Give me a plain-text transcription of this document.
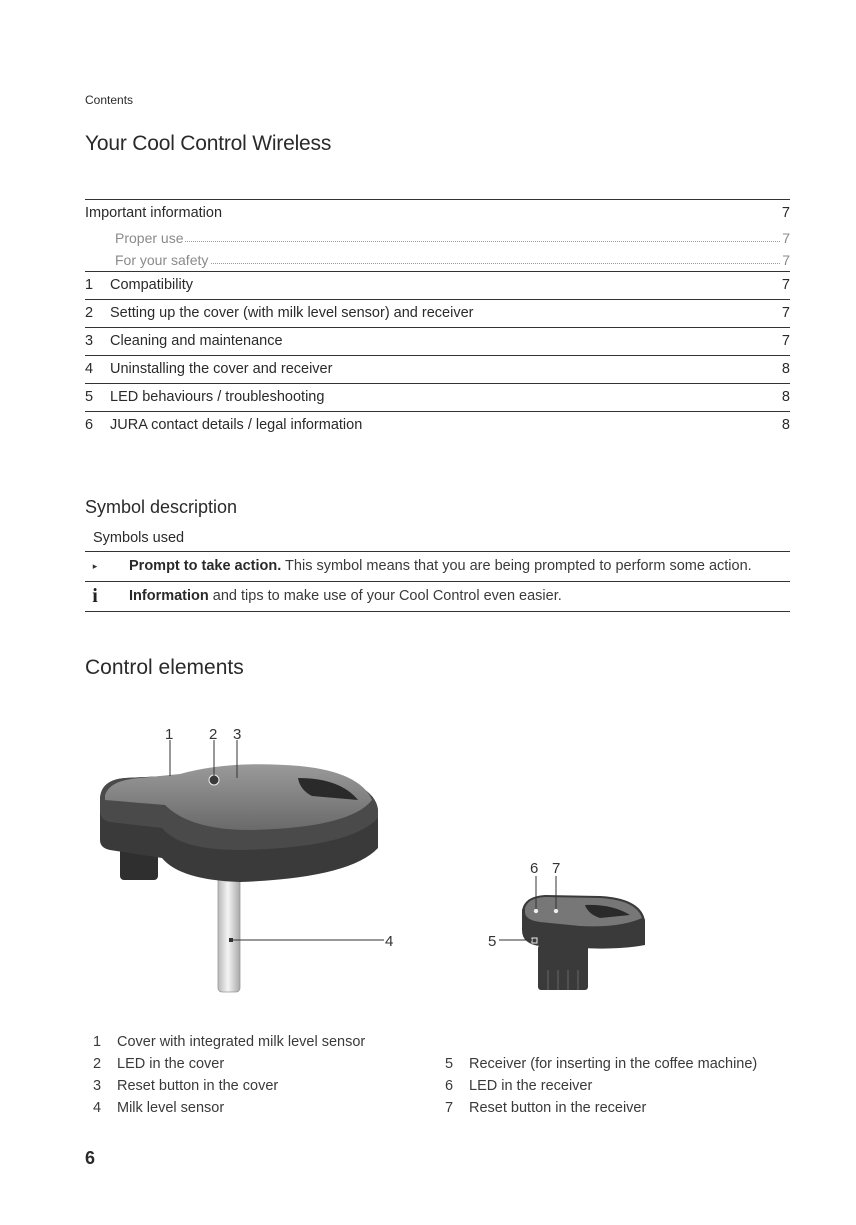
Contents
Your Cool Control Wireless
Important information	7
Proper use	7
For your safety	7
1 Compatibility	7
2 Setting up the cover (with milk level sensor) and receiver	7
3 Cleaning and maintenance	7
4 Uninstalling the cover and receiver	8
5 LED behaviours / troubleshooting	8
6 JURA contact details / legal information	8
Symbol description
Symbols used
▸	Prompt to take action. This symbol means that you are being prompted to perform some action.
i	Information and tips to make use of your Cool Control even easier.
Control elements
1 2 3
4	5
6 7
1 Cover with integrated milk level sensor
2 LED in the cover
3 Reset button in the cover
4 Milk level sensor
5 Receiver (for inserting in the coffee machine)
6 LED in the receiver
7 Reset button in the receiver
6
